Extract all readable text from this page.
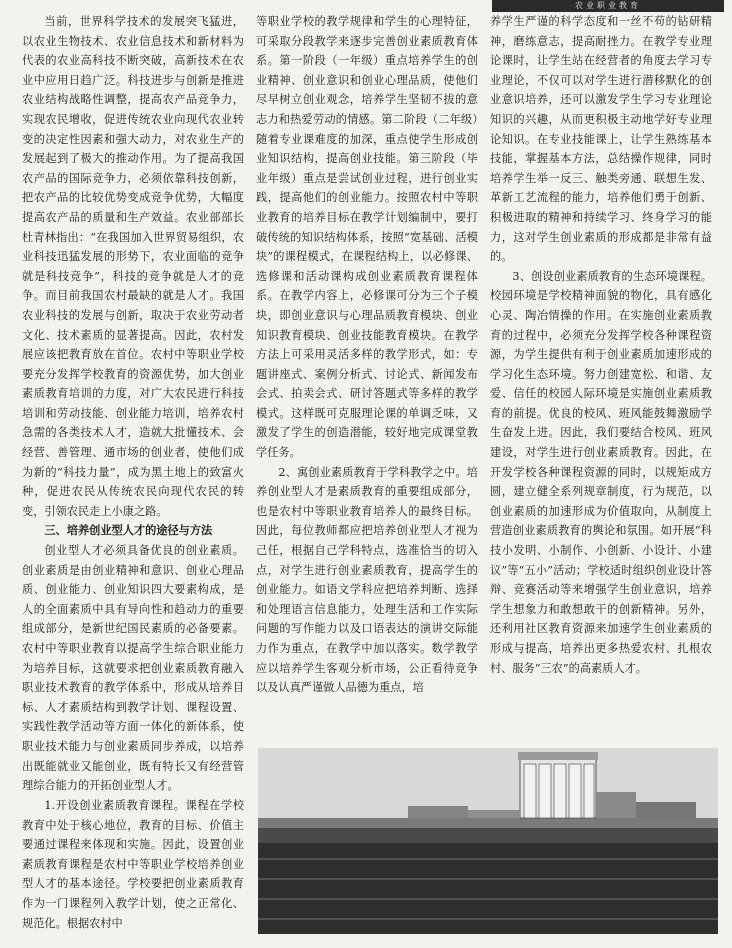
农业职业教育

当前，世界科学技术的发展突飞猛进，以农业生物技术、农业信息技术和新材料为代表的农业高科技不断突破，高新技术在农业中应用日趋广泛。科技进步与创新是推进农业结构战略性调整，提高农产品竞争力，实现农民增收，促进传统农业向现代农业转变的决定性因素和强大动力，对农业生产的发展起到了极大的推动作用。为了提高我国农产品的国际竞争力，必须依靠科技创新，把农产品的比较优势变成竞争优势，大幅度提高农产品的质量和生产效益。农业部部长杜青林指出：“在我国加入世界贸易组织，农业科技迅猛发展的形势下，农业面临的竞争就是科技竞争”，科技的竞争就是人才的竞争。而目前我国农村最缺的就是人才。我国农业科技的发展与创新，取决于农业劳动者文化、技术素质的显著提高。因此，农村发展应该把教育放在首位。农村中等职业学校要充分发挥学校教育的资源优势，加大创业素质教育培训的力度，对广大农民进行科技培训和劳动技能、创业能力培训，培养农村急需的各类技术人才，造就大批懂技术、会经营、善管理、通市场的创业者，使他们成为新的“科技力量”，成为黑土地上的致富火种，促进农民从传统农民向现代农民的转变，引领农民走上小康之路。

三、培养创业型人才的途径与方法

创业型人才必须具备优良的创业素质。创业素质是由创业精神和意识、创业心理品质、创业能力、创业知识四大要素构成，是人的全面素质中具有导向性和趋动力的重要组成部分，是新世纪国民素质的必备要素。农村中等职业教育以提高学生综合职业能力为培养目标，这就要求把创业素质教育融入职业技术教育的教学体系中，形成从培养目标、人才素质结构到教学计划、课程设置、实践性教学活动等方面一体化的新体系，使职业技术能力与创业素质同步养成，以培养出既能就业又能创业，既有特长又有经营管理综合能力的开拓创业型人才。

1.开设创业素质教育课程。课程在学校教育中处于核心地位，教育的目标、价值主要通过课程来体现和实施。因此，设置创业素质教育课程是农村中等职业学校培养创业型人才的基本途径。学校要把创业素质教育作为一门课程列入教学计划，使之正常化、规范化。根据农村中

等职业学校的教学规律和学生的心理特征，可采取分段教学来逐步完善创业素质教育体系。第一阶段（一年级）重点培养学生的创业精神、创业意识和创业心理品质，使他们尽早树立创业观念，培养学生坚韧不拔的意志力和热爱劳动的情感。第二阶段（二年级）随着专业课难度的加深，重点使学生形成创业知识结构，提高创业技能。第三阶段（毕业年级）重点是尝试创业过程，进行创业实践，提高他们的创业能力。按照农村中等职业教育的培养目标在教学计划编制中，要打破传统的知识结构体系，按照“宽基础、活模块”的课程模式，在课程结构上，以必修课、选修课和活动课构成创业素质教育课程体系。在教学内容上，必修课可分为三个子模块，即创业意识与心理品质教育模块、创业知识教育模块、创业技能教育模块。在教学方法上可采用灵活多样的教学形式，如：专题讲座式、案例分析式、讨论式、新闻发布会式、拍卖会式、研讨答题式等多样的教学模式。这样既可克服理论课的单调乏味，又激发了学生的创造潜能，较好地完成课堂教学任务。

2、寓创业素质教育于学科教学之中。培养创业型人才是素质教育的重要组成部分，也是农村中等职业教育培养人的最终目标。因此，每位教师都应把培养创业型人才视为己任，根据自己学科特点，选准恰当的切入点，对学生进行创业素质教育，提高学生的创业能力。如语文学科应把培养判断、选择和处理语言信息能力，处理生活和工作实际问题的写作能力以及口语表达的演讲交际能力作为重点，在教学中加以落实。数学教学应以培养学生客观分析市场，公正看待竞争以及认真严谨做人品德为重点，培

养学生严谨的科学态度和一丝不苟的钻研精神，磨练意志，提高耐挫力。在教学专业理论课时，让学生站在经营者的角度去学习专业理论，不仅可以对学生进行潜移默化的创业意识培养，还可以激发学生学习专业理论知识的兴趣，从而更积极主动地学好专业理论知识。在专业技能课上，让学生熟练基本技能，掌握基本方法，总结操作规律，同时培养学生举一反三、触类旁通、联想生发、革新工艺流程的能力，培养他们勇于创新、积极进取的精神和持续学习、终身学习的能力，这对学生创业素质的形成都是非常有益的。

3、创设创业素质教育的生态环境课程。校园环境是学校精神面貌的物化，具有感化心灵、陶冶情操的作用。在实施创业素质教育的过程中，必须充分发挥学校各种课程资源，为学生提供有利于创业素质加速形成的学习化生态环境。努力创建宽松、和谐、友爱、信任的校园人际环境是实施创业素质教育的前提。优良的校风、班风能鼓舞激励学生奋发上进。因此，我们要结合校风、班风建设，对学生进行创业素质教育。因此，在开发学校各种课程资源的同时，以规矩成方圆，建立健全系列规章制度，行为规范，以创业素质的加速形成为价值取向，从制度上营造创业素质教育的舆论和氛围。如开展“科技小发明、小制作、小创新、小设计、小建议”等“五小”活动；学校适时组织创业设计答辩、竞赛活动等来增强学生创业意识，培养学生想象力和敢想敢干的创新精神。另外，还利用社区教育资源来加速学生创业素质的形成与提高，培养出更多热爱农村、扎根农村、服务“三农”的高素质人才。
